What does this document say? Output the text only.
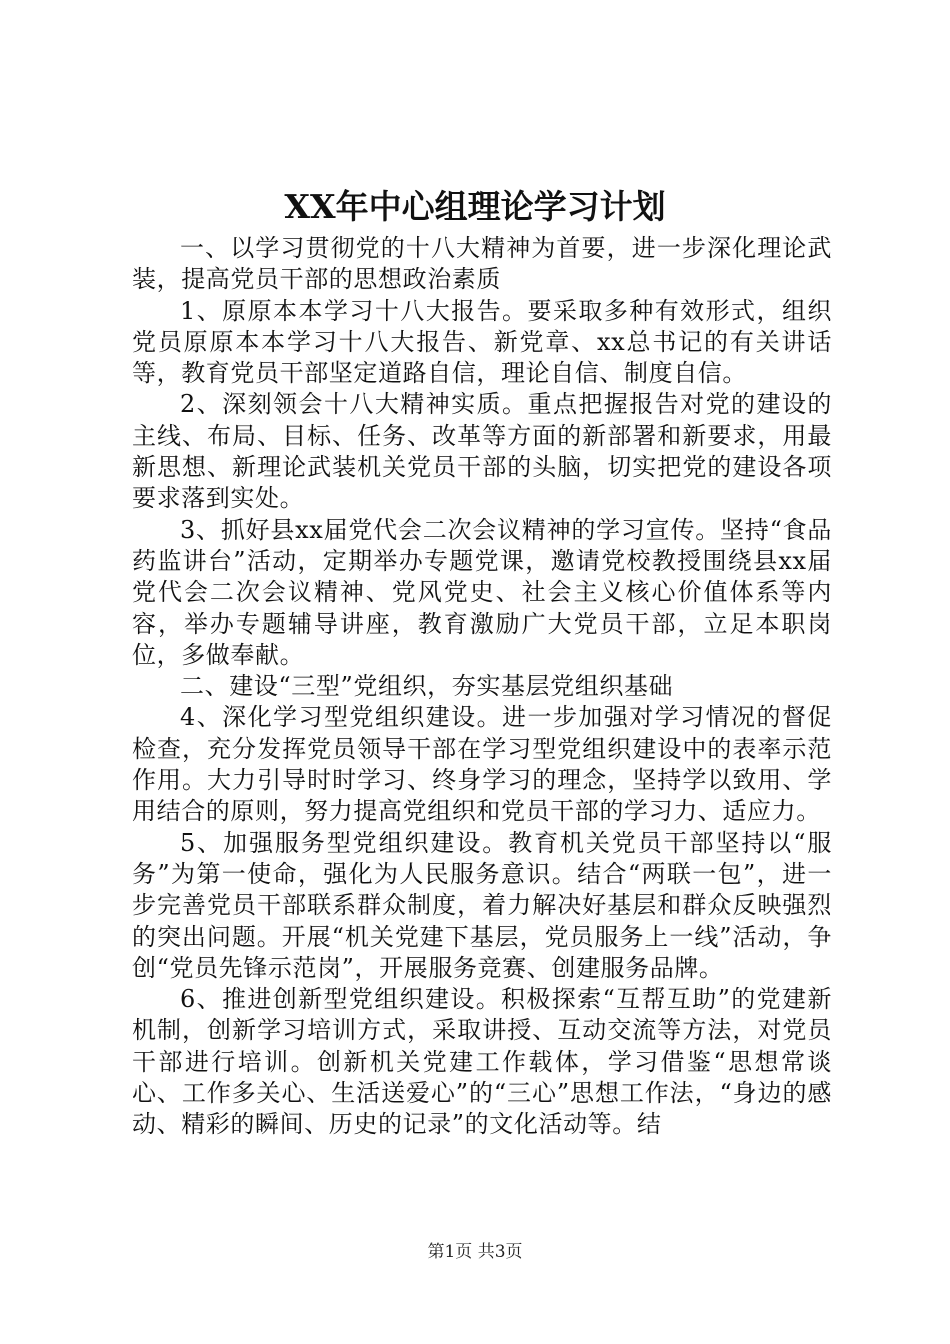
XX年中心组理论学习计划

一、以学习贯彻党的十八大精神为首要，进一步深化理论武装，提高党员干部的思想政治素质

1、原原本本学习十八大报告。要采取多种有效形式，组织党员原原本本学习十八大报告、新党章、xx总书记的有关讲话等，教育党员干部坚定道路自信，理论自信、制度自信。

2、深刻领会十八大精神实质。重点把握报告对党的建设的主线、布局、目标、任务、改革等方面的新部署和新要求，用最新思想、新理论武装机关党员干部的头脑，切实把党的建设各项要求落到实处。

3、抓好县xx届党代会二次会议精神的学习宣传。坚持“食品药监讲台”活动，定期举办专题党课，邀请党校教授围绕县xx届党代会二次会议精神、党风党史、社会主义核心价值体系等内容，举办专题辅导讲座，教育激励广大党员干部，立足本职岗位，多做奉献。

二、建设“三型”党组织，夯实基层党组织基础

4、深化学习型党组织建设。进一步加强对学习情况的督促检查，充分发挥党员领导干部在学习型党组织建设中的表率示范作用。大力引导时时学习、终身学习的理念，坚持学以致用、学用结合的原则，努力提高党组织和党员干部的学习力、适应力。

5、加强服务型党组织建设。教育机关党员干部坚持以“服务”为第一使命，强化为人民服务意识。结合“两联一包”，进一步完善党员干部联系群众制度，着力解决好基层和群众反映强烈的突出问题。开展“机关党建下基层，党员服务上一线”活动，争创“党员先锋示范岗”，开展服务竞赛、创建服务品牌。

6、推进创新型党组织建设。积极探索“互帮互助”的党建新机制，创新学习培训方式，采取讲授、互动交流等方法，对党员干部进行培训。创新机关党建工作载体，学习借鉴“思想常谈心、工作多关心、生活送爱心”的“三心”思想工作法，“身边的感动、精彩的瞬间、历史的记录”的文化活动等。结

第1页 共3页
